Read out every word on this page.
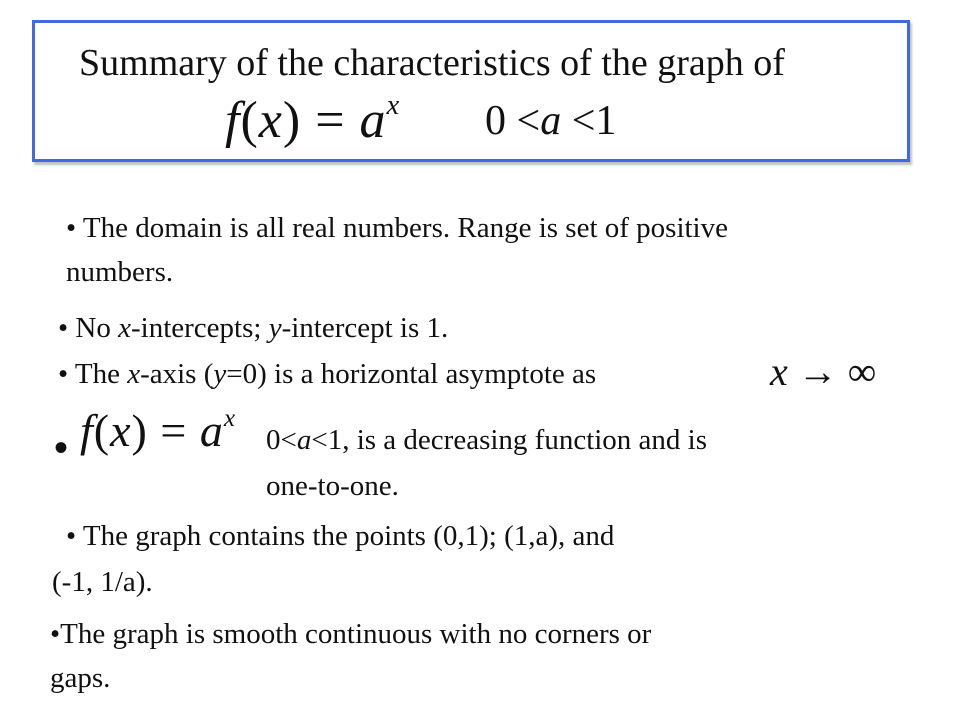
Summary of the characteristics of the graph of
$f(x) = a^x$ 0 <a <1
• The domain is all real numbers. Range is set of positive
numbers.
• No x-intercepts; y-intercept is 1.
• The x-axis (y=0) is a horizontal asymptote as	x → ∞
• $f(x) = a^x$
0<a<1, is a decreasing function and is
one-to-one.
• The graph contains the points (0,1); (1,a), and
(-1, 1/a).
•The graph is smooth continuous with no corners or
gaps.
